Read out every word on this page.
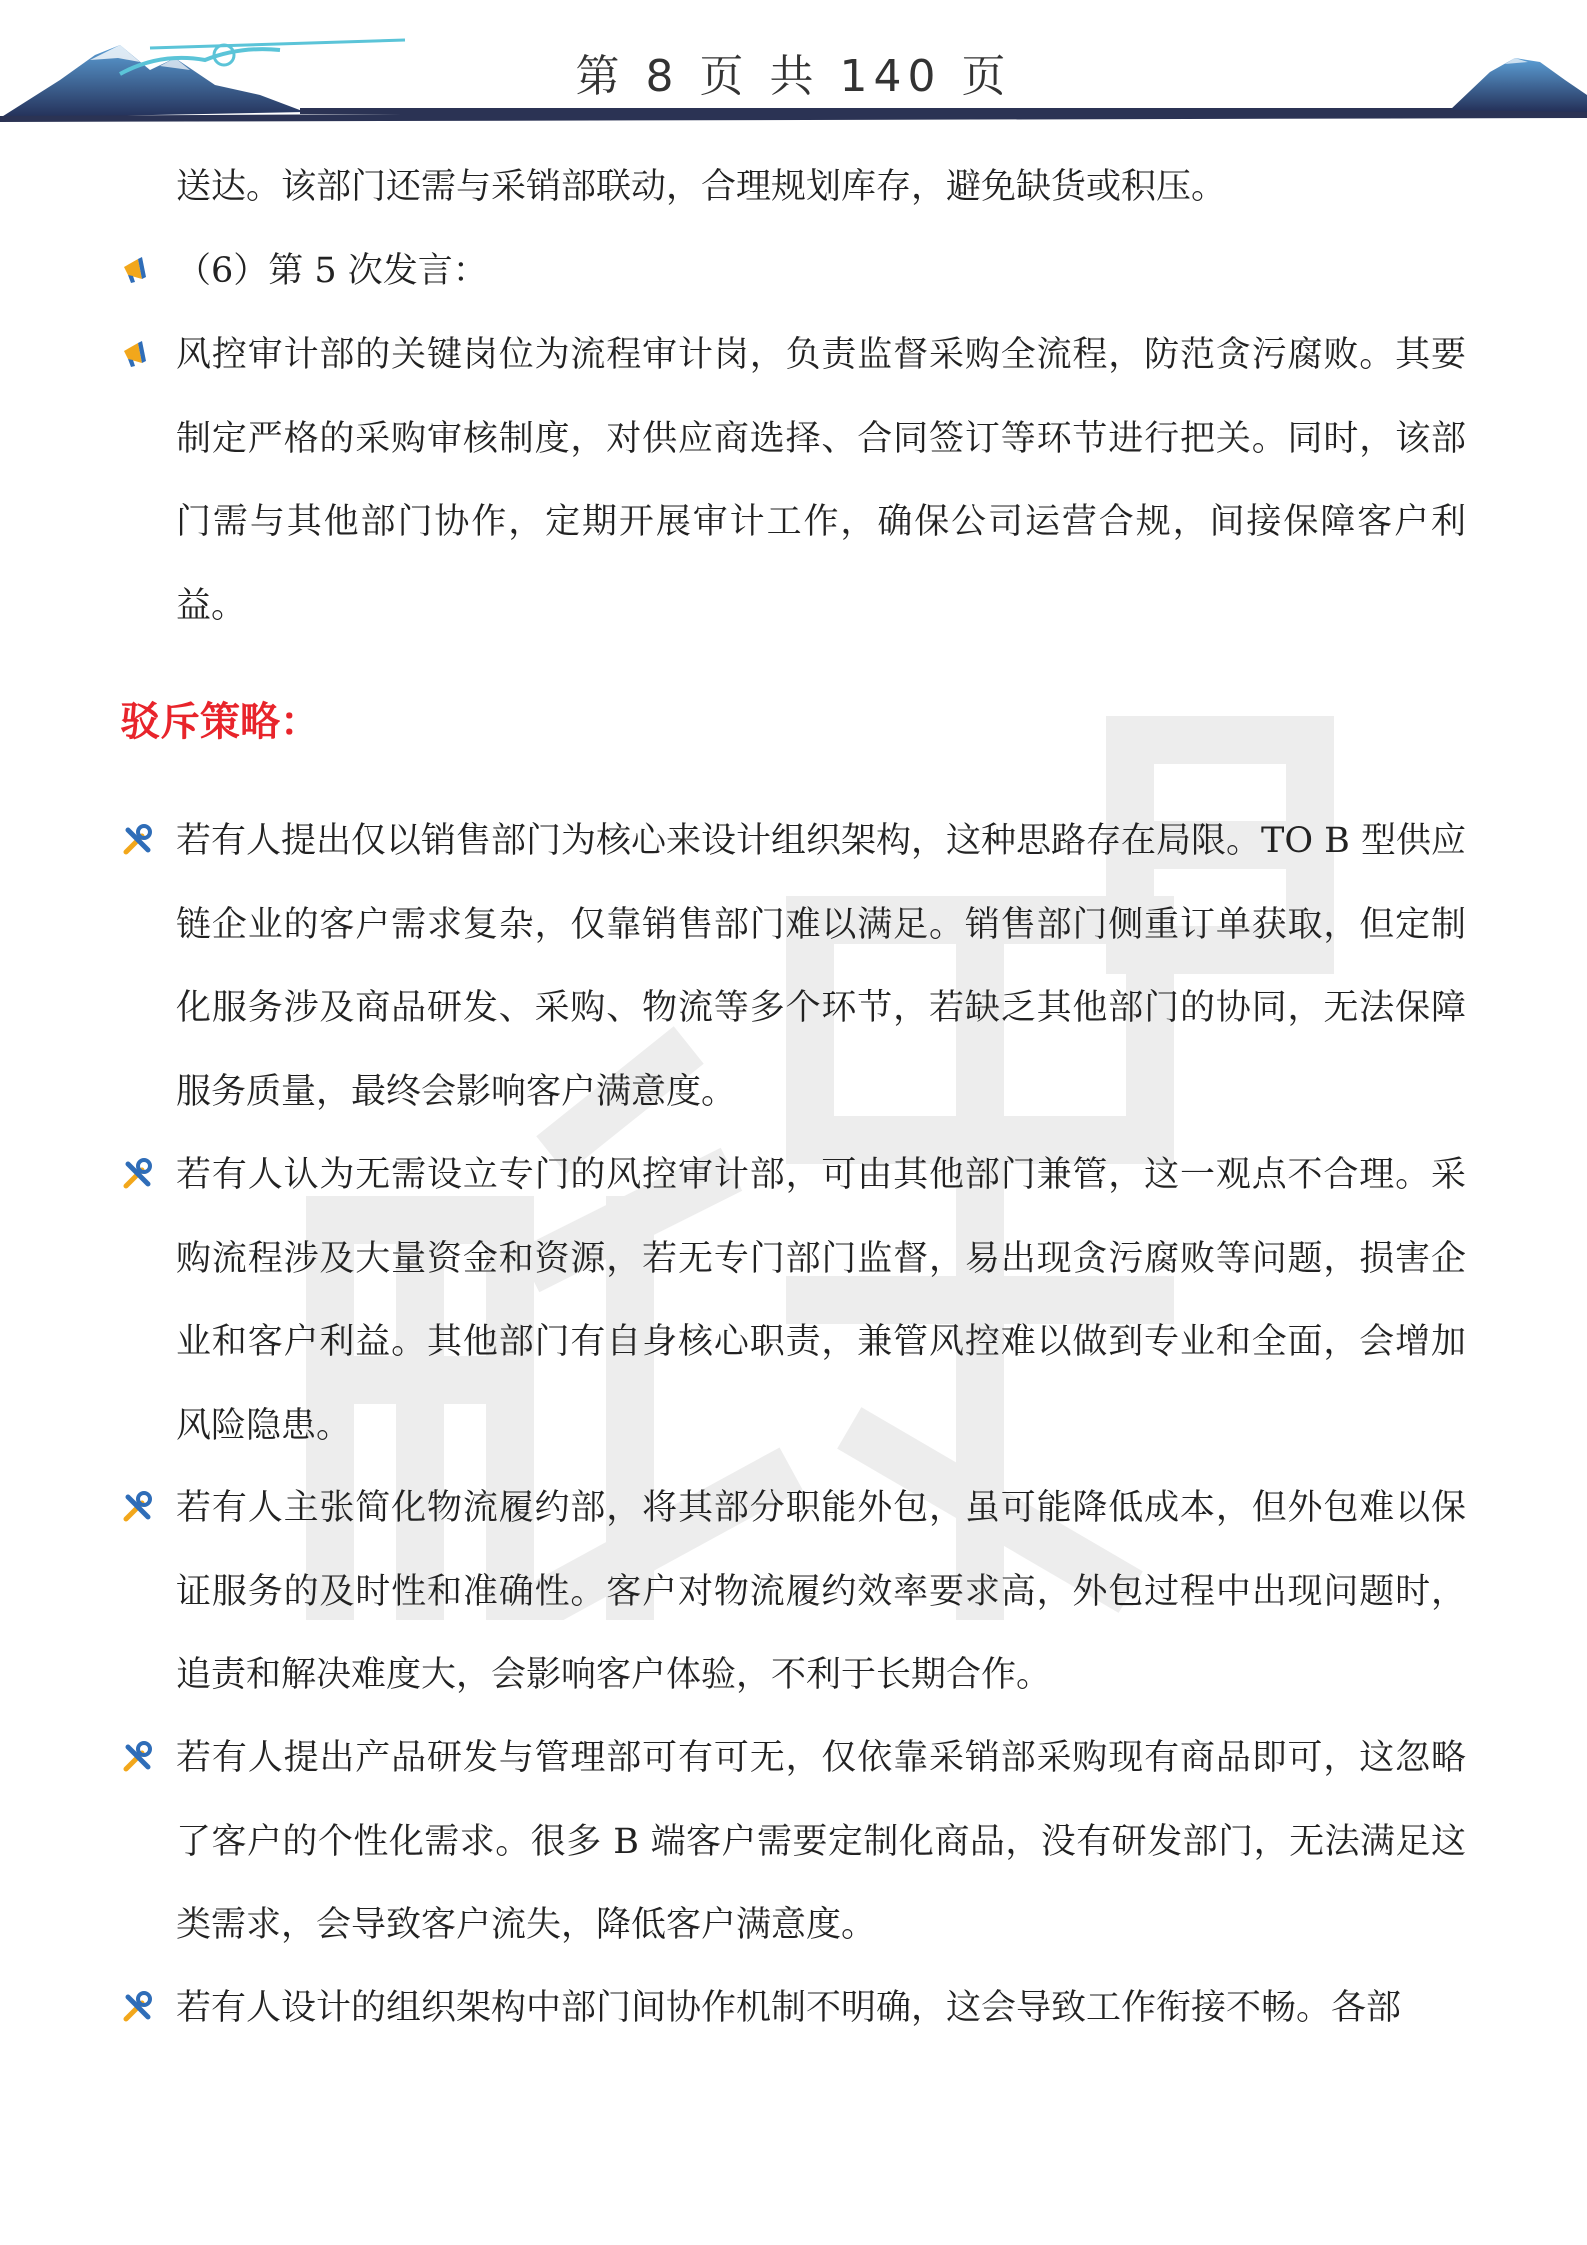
第 8 页 共 140 页

送达。该部门还需与采销部联动，合理规划库存，避免缺货或积压。

（6）第 5 次发言：

风控审计部的关键岗位为流程审计岗，负责监督采购全流程，防范贪污腐败。其要制定严格的采购审核制度，对供应商选择、合同签订等环节进行把关。同时，该部门需与其他部门协作，定期开展审计工作，确保公司运营合规，间接保障客户利益。

驳斥策略：

若有人提出仅以销售部门为核心来设计组织架构，这种思路存在局限。TO B 型供应链企业的客户需求复杂，仅靠销售部门难以满足。销售部门侧重订单获取，但定制化服务涉及商品研发、采购、物流等多个环节，若缺乏其他部门的协同，无法保障服务质量，最终会影响客户满意度。

若有人认为无需设立专门的风控审计部，可由其他部门兼管，这一观点不合理。采购流程涉及大量资金和资源，若无专门部门监督，易出现贪污腐败等问题，损害企业和客户利益。其他部门有自身核心职责，兼管风控难以做到专业和全面，会增加风险隐患。

若有人主张简化物流履约部，将其部分职能外包，虽可能降低成本，但外包难以保证服务的及时性和准确性。客户对物流履约效率要求高，外包过程中出现问题时，追责和解决难度大，会影响客户体验，不利于长期合作。

若有人提出产品研发与管理部可有可无，仅依靠采销部采购现有商品即可，这忽略了客户的个性化需求。很多 B 端客户需要定制化商品，没有研发部门，无法满足这类需求，会导致客户流失，降低客户满意度。

若有人设计的组织架构中部门间协作机制不明确，这会导致工作衔接不畅。各部
